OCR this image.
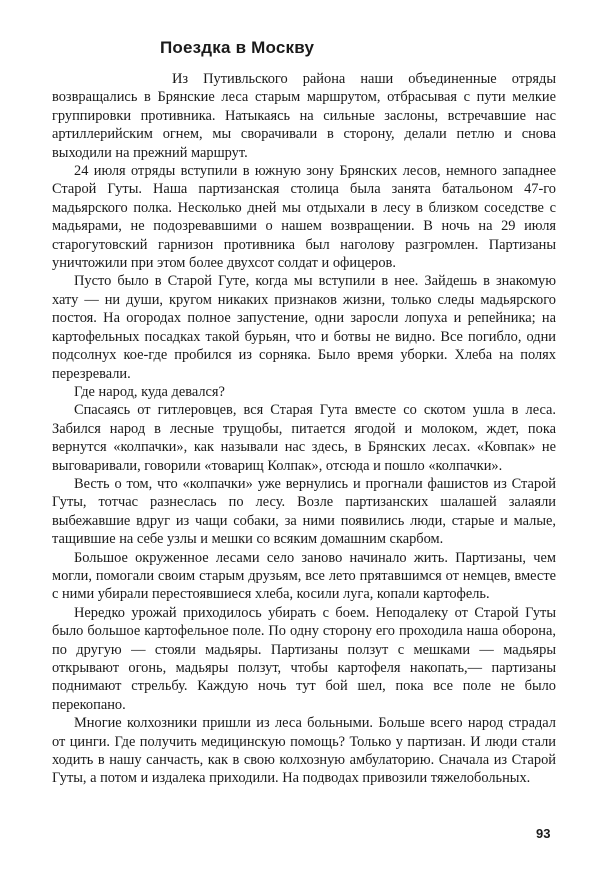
Поездка в Москву

Из Путивльского района наши объединенные отряды возвращались в Брянские леса старым маршрутом, отбрасывая с пути мелкие группировки противника. Натыкаясь на сильные заслоны, встречавшие нас артиллерийским огнем, мы сворачивали в сторону, делали петлю и снова выходили на прежний маршрут.

24 июля отряды вступили в южную зону Брянских лесов, немного западнее Старой Гуты. Наша партизанская столица была занята батальоном 47-го мадьярского полка. Несколько дней мы отдыхали в лесу в близком соседстве с мадьярами, не подозревавшими о нашем возвращении. В ночь на 29 июля старогутовский гарнизон противника был наголову разгромлен. Партизаны уничтожили при этом более двухсот солдат и офицеров.

Пусто было в Старой Гуте, когда мы вступили в нее. Зайдешь в знакомую хату — ни души, кругом никаких признаков жизни, только следы мадьярского постоя. На огородах полное запустение, одни заросли лопуха и репейника; на картофельных посадках такой бурьян, что и ботвы не видно. Все погибло, одни подсолнух кое-где пробился из сорняка. Было время уборки. Хлеба на полях перезревали.

Где народ, куда девался?

Спасаясь от гитлеровцев, вся Старая Гута вместе со скотом ушла в леса. Забился народ в лесные трущобы, питается ягодой и молоком, ждет, пока вернутся «колпачки», как называли нас здесь, в Брянских лесах. «Ковпак» не выговаривали, говорили «товарищ Колпак», отсюда и пошло «колпачки».

Весть о том, что «колпачки» уже вернулись и прогнали фашистов из Старой Гуты, тотчас разнеслась по лесу. Возле партизанских шалашей залаяли выбежавшие вдруг из чащи собаки, за ними появились люди, старые и малые, тащившие на себе узлы и мешки со всяким домашним скарбом.

Большое окруженное лесами село заново начинало жить. Партизаны, чем могли, помогали своим старым друзьям, все лето прятавшимся от немцев, вместе с ними убирали перестоявшиеся хлеба, косили луга, копали картофель.

Нередко урожай приходилось убирать с боем. Неподалеку от Старой Гуты было большое картофельное поле. По одну сторону его проходила наша оборона, по другую — стояли мадьяры. Партизаны ползут с мешками — мадьяры открывают огонь, мадьяры ползут, чтобы картофеля накопать,— партизаны поднимают стрельбу. Каждую ночь тут бой шел, пока все поле не было перекопано.

Многие колхозники пришли из леса больными. Больше всего народ страдал от цинги. Где получить медицинскую помощь? Только у партизан. И люди стали ходить в нашу санчасть, как в свою колхозную амбулаторию. Сначала из Старой Гуты, а потом и издалека приходили. На подводах привозили тяжелобольных.

93
